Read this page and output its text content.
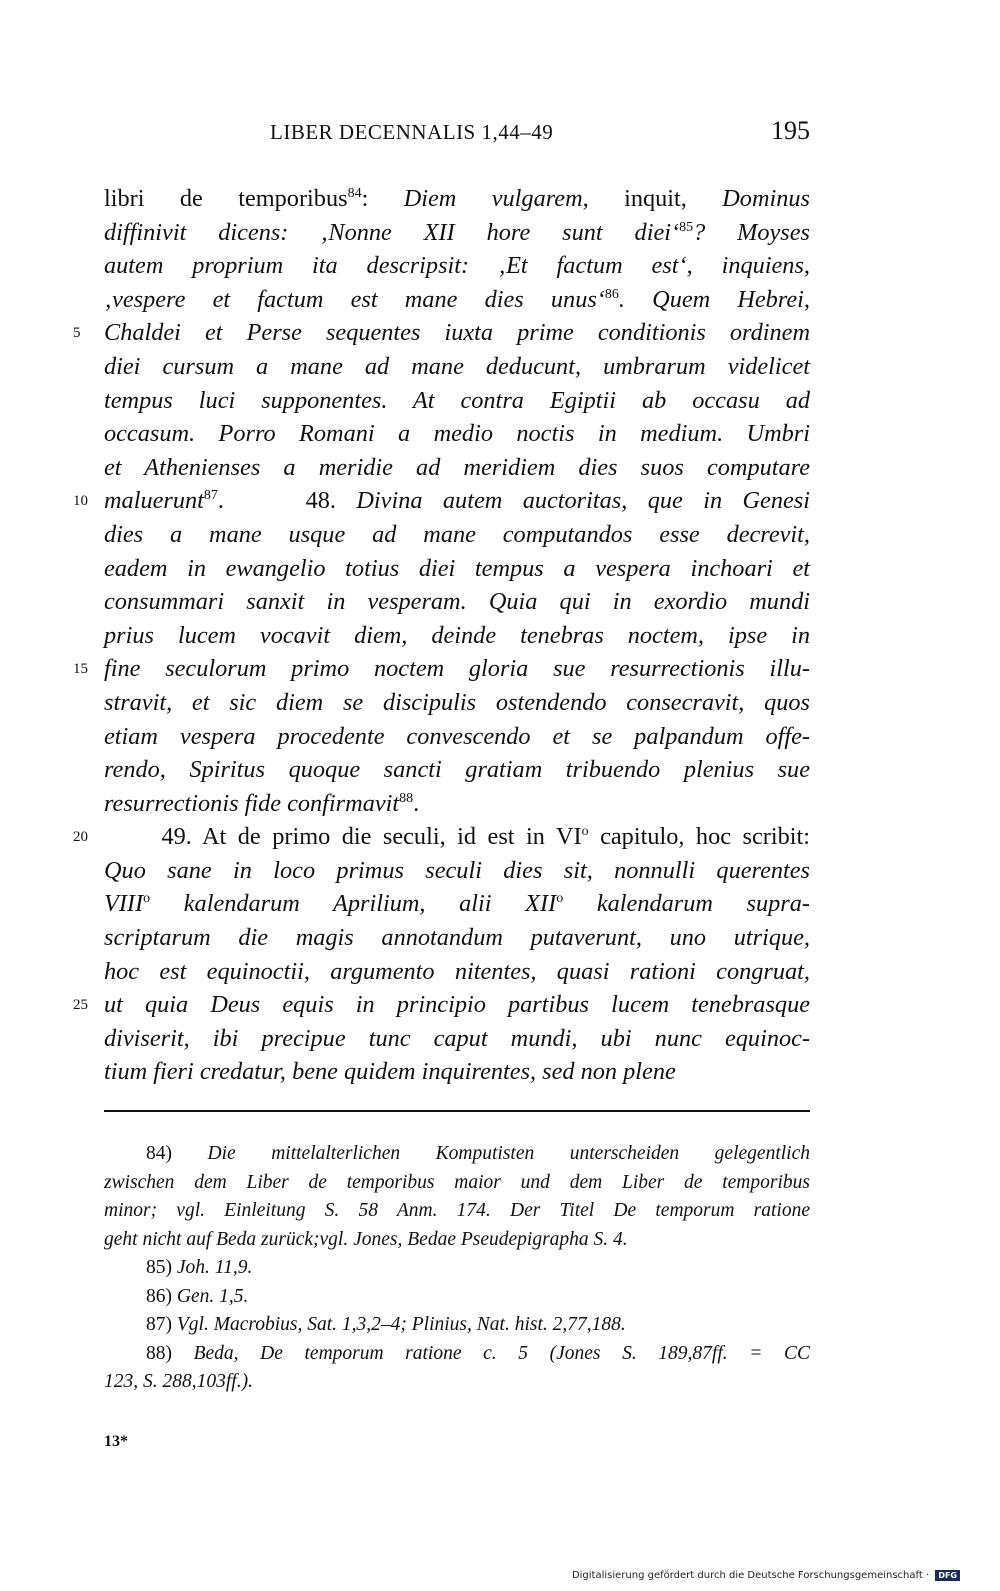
LIBER DECENNALIS 1,44–49	195
libri de temporibus$^{84}$: Diem vulgarem, inquit, Dominus
diffinivit dicens: ‚Nonne XII hore sunt diei‘$^{85}$? Moyses
autem proprium ita descripsit: ‚Et factum est‘, inquiens,
‚vespere et factum est mane dies unus‘$^{86}$. Quem Hebrei,
Chaldei et Perse sequentes iuxta prime conditionis ordinem
5
diei cursum a mane ad mane deducunt, umbrarum videlicet
tempus luci supponentes. At contra Egiptii ab occasu ad
occasum. Porro Romani a medio noctis in medium. Umbri
et Athenienses a meridie ad meridiem dies suos computare
maluerunt$^{87}$.    48. Divina autem auctoritas, que in Genesi
10
dies a mane usque ad mane computandos esse decrevit,
eadem in ewangelio totius diei tempus a vespera inchoari et
consummari sanxit in vesperam. Quia qui in exordio mundi
prius lucem vocavit diem, deinde tenebras noctem, ipse in
fine seculorum primo noctem gloria sue resurrectionis illu-
15
stravit, et sic diem se discipulis ostendendo consecravit, quos
etiam vespera procedente convescendo et se palpandum offe-
rendo, Spiritus quoque sancti gratiam tribuendo plenius sue
resurrectionis fide confirmavit$^{88}$.
49. At de primo die seculi, id est in $VI^o$ capitulo, hoc scribit:
20
Quo sane in loco primus seculi dies sit, nonnulli querentes
VIII$^o$ kalendarum Aprilium, alii XII$^o$ kalendarum supra-
scriptarum die magis annotandum putaverunt, uno utrique,
hoc est equinoctii, argumento nitentes, quasi rationi congruat,
ut quia Deus equis in principio partibus lucem tenebrasque
25
diviserit, ibi precipue tunc caput mundi, ubi nunc equinoc-
tium fieri credatur, bene quidem inquirentes, sed non plene
84) Die mittelalterlichen Komputisten unterscheiden gelegentlich
zwischen dem Liber de temporibus maior und dem Liber de temporibus
minor; vgl. Einleitung S. 58 Anm. 174. Der Titel De temporum ratione
geht nicht auf Beda zurück;vgl. Jones, Bedae Pseudepigrapha S. 4.
85) Joh. 11,9.
86) Gen. 1,5.
87) Vgl. Macrobius, Sat. 1,3,2–4; Plinius, Nat. hist. 2,77,188.
88) Beda, De temporum ratione c. 5 (Jones S. 189,87ff. = CC
123, S. 288,103ff.).
13*
Digitalisierung gefördert durch die Deutsche Forschungsgemeinschaft · DFG
